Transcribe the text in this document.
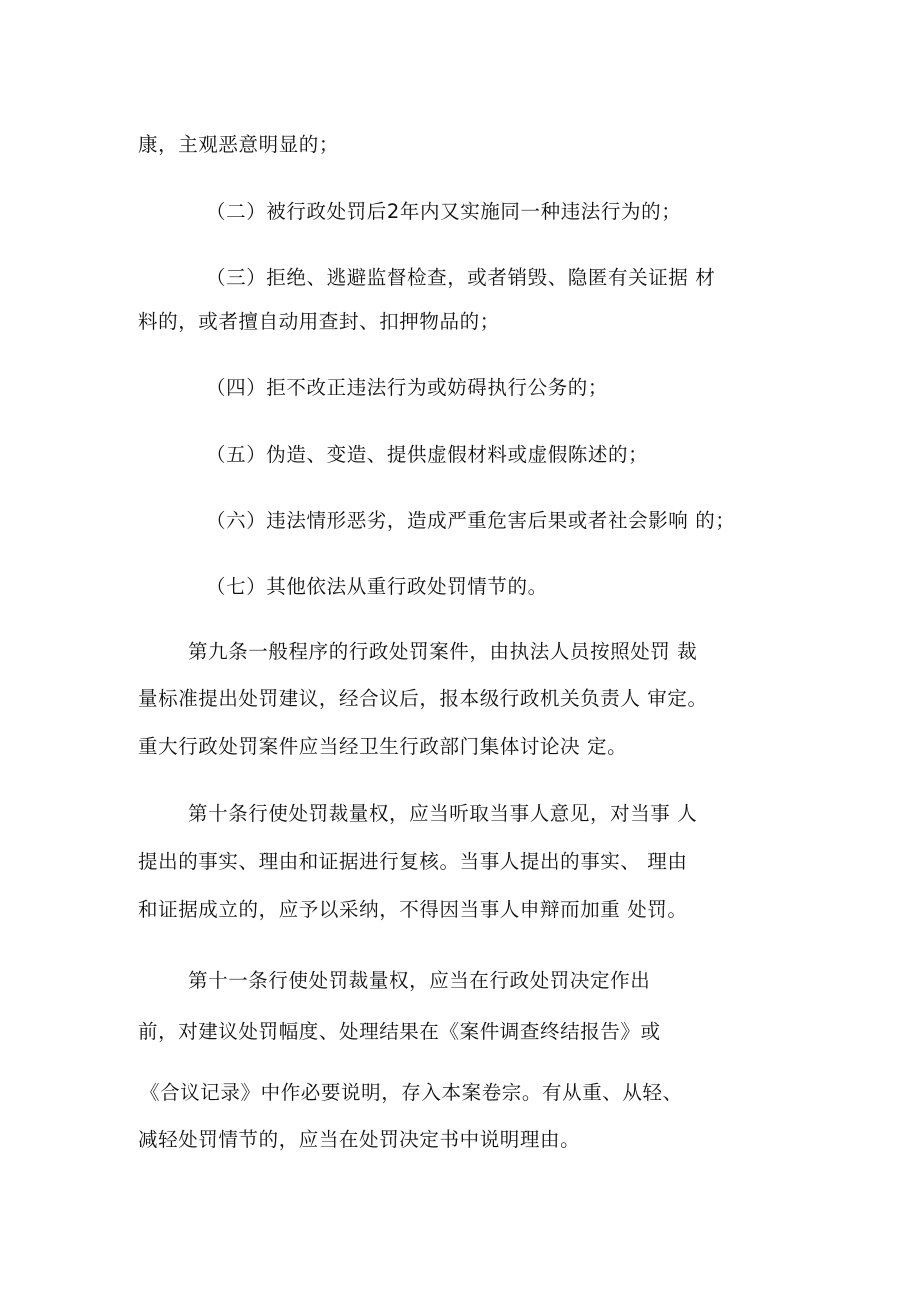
康，主观恶意明显的；
（二）被行政处罚后2年内又实施同一种违法行为的；
（三）拒绝、逃避监督检查，或者销毁、隐匿有关证据 材
料的，或者擅自动用查封、扣押物品的；
（四）拒不改正违法行为或妨碍执行公务的；
（五）伪造、变造、提供虚假材料或虚假陈述的；
（六）违法情形恶劣，造成严重危害后果或者社会影响 的；
（七）其他依法从重行政处罚情节的。
第九条一般程序的行政处罚案件，由执法人员按照处罚 裁
量标准提出处罚建议，经合议后，报本级行政机关负责人 审定。
重大行政处罚案件应当经卫生行政部门集体讨论决 定。
第十条行使处罚裁量权，应当听取当事人意见，对当事 人
提出的事实、理由和证据进行复核。当事人提出的事实、 理由
和证据成立的，应予以采纳，不得因当事人申辩而加重 处罚。
第十一条行使处罚裁量权，应当在行政处罚决定作出
前，对建议处罚幅度、处理结果在《案件调查终结报告》或
《合议记录》中作必要说明，存入本案卷宗。有从重、从轻、
减轻处罚情节的，应当在处罚决定书中说明理由。
